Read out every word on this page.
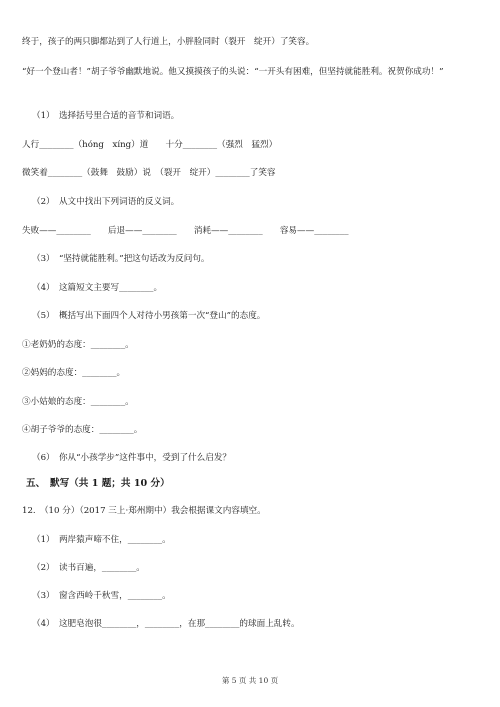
终于，孩子的两只脚都站到了人行道上，小胖脸同时（裂开　绽开）了笑容。
“好一个登山者！”胡子爷爷幽默地说。他又摸摸孩子的头说：“一开头有困难，但坚持就能胜利。祝贺你成功！”
（1）　选择括号里合适的音节和词语。
人行________（hóng　xíng）道　　十分________（强烈　猛烈）
微笑着________（鼓舞　鼓励）说　（裂开　绽开）________了笑容
（2）　从文中找出下列词语的反义词。
失败——________　　后退——________　　消耗——________　　容易——________
（3）　“坚持就能胜利。”把这句话改为反问句。
（4）　这篇短文主要写________。
（5）　概括写出下面四个人对待小男孩第一次“登山”的态度。
①老奶奶的态度：________。
②妈妈的态度：________。
③小姑娘的态度：________。
④胡子爷爷的态度：________。
（6）　你从“小孩学步”这件事中，受到了什么启发？
五、　默写（共 1 题；共 10 分）
12.　（10 分）（2017 三上·郑州期中）我会根据课文内容填空。
（1）　两岸猿声啼不住，________。
（2）　读书百遍，________。
（3）　窗含西岭千秋雪，________。
（4）　这肥皂泡很________，________，在那________的球面上乱转。
第 5 页 共 10 页
